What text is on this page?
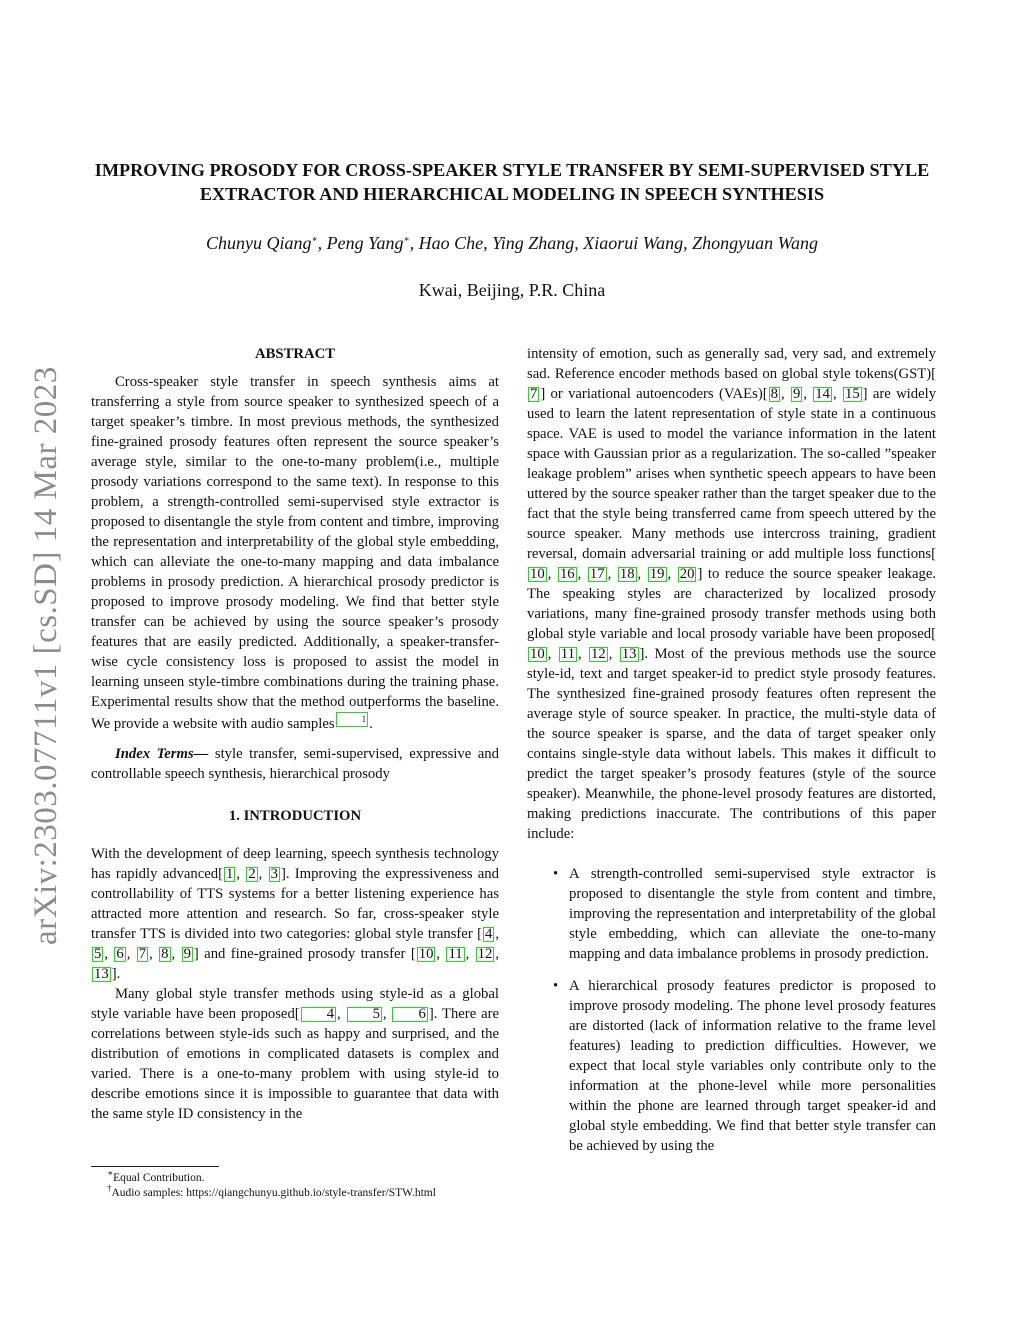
arXiv:2303.07711v1 [cs.SD] 14 Mar 2023
IMPROVING PROSODY FOR CROSS-SPEAKER STYLE TRANSFER BY SEMI-SUPERVISED STYLE EXTRACTOR AND HIERARCHICAL MODELING IN SPEECH SYNTHESIS
Chunyu Qiang∗, Peng Yang∗, Hao Che, Ying Zhang, Xiaorui Wang, Zhongyuan Wang
Kwai, Beijing, P.R. China
ABSTRACT

Cross-speaker style transfer in speech synthesis aims at transferring a style from source speaker to synthesized speech of a target speaker’s timbre. In most previous methods, the synthesized fine-grained prosody features often represent the source speaker’s average style, similar to the one-to-many problem(i.e., multiple prosody variations correspond to the same text). In response to this problem, a strength-controlled semi-supervised style extractor is proposed to disentangle the style from content and timbre, improving the representation and interpretability of the global style embedding, which can alleviate the one-to-many mapping and data imbalance problems in prosody prediction. A hierarchical prosody predictor is proposed to improve prosody modeling. We find that better style transfer can be achieved by using the source speaker’s prosody features that are easily predicted. Additionally, a speaker-transfer-wise cycle consistency loss is proposed to assist the model in learning unseen style-timbre combinations during the training phase. Experimental results show that the method outperforms the baseline. We provide a website with audio samples	$^1$ .

Index Terms— style transfer, semi-supervised, expressive and controllable speech synthesis, hierarchical prosody

1. INTRODUCTION

With the development of deep learning, speech synthesis technology has rapidly advanced[ 1 , 2 , 3 ]. Improving the expressiveness and controllability of TTS systems for a better listening experience has attracted more attention and research. So far, cross-speaker style transfer TTS is divided into two categories: global style transfer [ 4 , 5 , 6 , 7 , 8 , 9 ] and fine-grained prosody transfer [ 10 , 11 , 12 , 13 ].

Many global style transfer methods using style-id as a global style variable have been proposed[ 4 , 5 , 6 ]. There are correlations between style-ids such as happy and surprised, and the distribution of emotions in complicated datasets is complex and varied. There is a one-to-many problem with using style-id to describe emotions since it is impossible to guarantee that data with the same style ID consistency in the

intensity of emotion, such as generally sad, very sad, and extremely sad. Reference encoder methods based on global style tokens(GST)[7 ] or variational autoencoders (VAEs)[ 8 , 9 , 14 , 15 ] are widely used to learn the latent representation of style state in a continuous space. VAE is used to model the variance information in the latent space with Gaussian prior as a regularization. The so-called ”speaker leakage problem” arises when synthetic speech appears to have been uttered by the source speaker rather than the target speaker due to the fact that the style being transferred came from speech uttered by the source speaker. Many methods use intercross training, gradient reversal, domain adversarial training or add multiple loss functions[10 , 16 , 17 , 18 , 19 , 20 ] to reduce the source speaker leakage. The speaking styles are characterized by localized prosody variations, many fine-grained prosody transfer methods using both global style variable and local prosody variable have been proposed[10 , 11 , 12 , 13 ]. Most of the previous methods use the source style-id, text and target speaker-id to predict style prosody features. The synthesized fine-grained prosody features often represent the average style of source speaker. In practice, the multi-style data of the source speaker is sparse, and the data of target speaker only contains single-style data without labels. This makes it difficult to predict the target speaker’s prosody features (style of the source speaker). Meanwhile, the phone-level prosody features are distorted, making predictions inaccurate. The contributions of this paper include:

• A strength-controlled semi-supervised style extractor is proposed to disentangle the style from content and timbre, improving the representation and interpretability of the global style embedding, which can alleviate the one-to-many mapping and data imbalance problems in prosody prediction.
• A hierarchical prosody features predictor is proposed to improve prosody modeling. The phone level prosody features are distorted (lack of information relative to the frame level features) leading to prediction difficulties. However, we expect that local style variables only contribute only to the information at the phone-level while more personalities within the phone are learned through target speaker-id and global style embedding. We find that better style transfer can be achieved by using the
∗Equal Contribution.
†Audio samples: https://qiangchunyu.github.io/style-transfer/STW.html
